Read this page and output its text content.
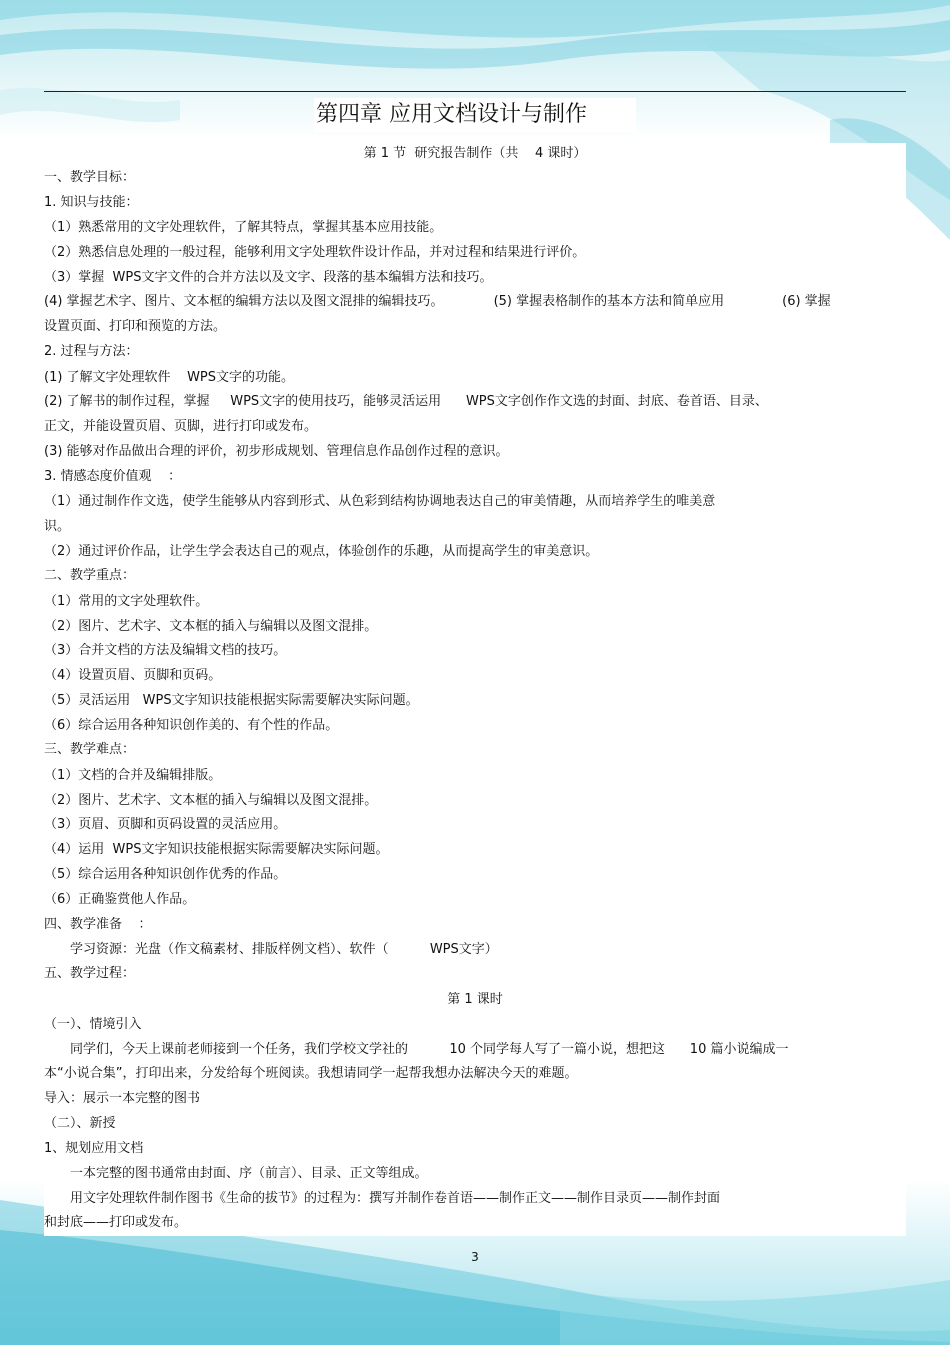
第四章 应用文档设计与制作
第 1 节  研究报告制作（共    4 课时）
一、教学目标：
1. 知识与技能：
（1）熟悉常用的文字处理软件，了解其特点，掌握其基本应用技能。
（2）熟悉信息处理的一般过程，能够利用文字处理软件设计作品，并对过程和结果进行评价。
（3）掌握  WPS文字文件的合并方法以及文字、段落的基本编辑方法和技巧。
(4) 掌握艺术字、图片、文本框的编辑方法以及图文混排的编辑技巧。	(5) 掌握表格制作的基本方法和简单应用	(6) 掌握
设置页面、打印和预览的方法。
2. 过程与方法：
(1) 了解文字处理软件    WPS文字的功能。
(2) 了解书的制作过程，掌握     WPS文字的使用技巧，能够灵活运用      WPS文字创作作文选的封面、封底、卷首语、目录、
正文，并能设置页眉、页脚，进行打印或发布。
(3) 能够对作品做出合理的评价，初步形成规划、管理信息作品创作过程的意识。
3. 情感态度价值观    ：
（1）通过制作作文选，使学生能够从内容到形式、从色彩到结构协调地表达自己的审美情趣，从而培养学生的唯美意
识。
（2）通过评价作品，让学生学会表达自己的观点，体验创作的乐趣，从而提高学生的审美意识。
二、教学重点：
（1）常用的文字处理软件。
（2）图片、艺术字、文本框的插入与编辑以及图文混排。
（3）合并文档的方法及编辑文档的技巧。
（4）设置页眉、页脚和页码。
（5）灵活运用   WPS文字知识技能根据实际需要解决实际问题。
（6）综合运用各种知识创作美的、有个性的作品。
三、教学难点：
（1）文档的合并及编辑排版。
（2）图片、艺术字、文本框的插入与编辑以及图文混排。
（3）页眉、页脚和页码设置的灵活应用。
（4）运用  WPS文字知识技能根据实际需要解决实际问题。
（5）综合运用各种知识创作优秀的作品。
（6）正确鉴赏他人作品。
四、教学准备    ：
学习资源：光盘（作文稿素材、排版样例文档）、软件（          WPS文字）
五、教学过程：
第 1 课时
（一）、情境引入
同学们，今天上课前老师接到一个任务，我们学校文学社的          10 个同学每人写了一篇小说，想把这      10 篇小说编成一
本“小说合集”，打印出来，分发给每个班阅读。我想请同学一起帮我想办法解决今天的难题。
导入：展示一本完整的图书
（二）、新授
1、规划应用文档
一本完整的图书通常由封面、序（前言）、目录、正文等组成。
用文字处理软件制作图书《生命的拔节》的过程为：撰写并制作卷首语——制作正文——制作目录页——制作封面
和封底——打印或发布。
3
